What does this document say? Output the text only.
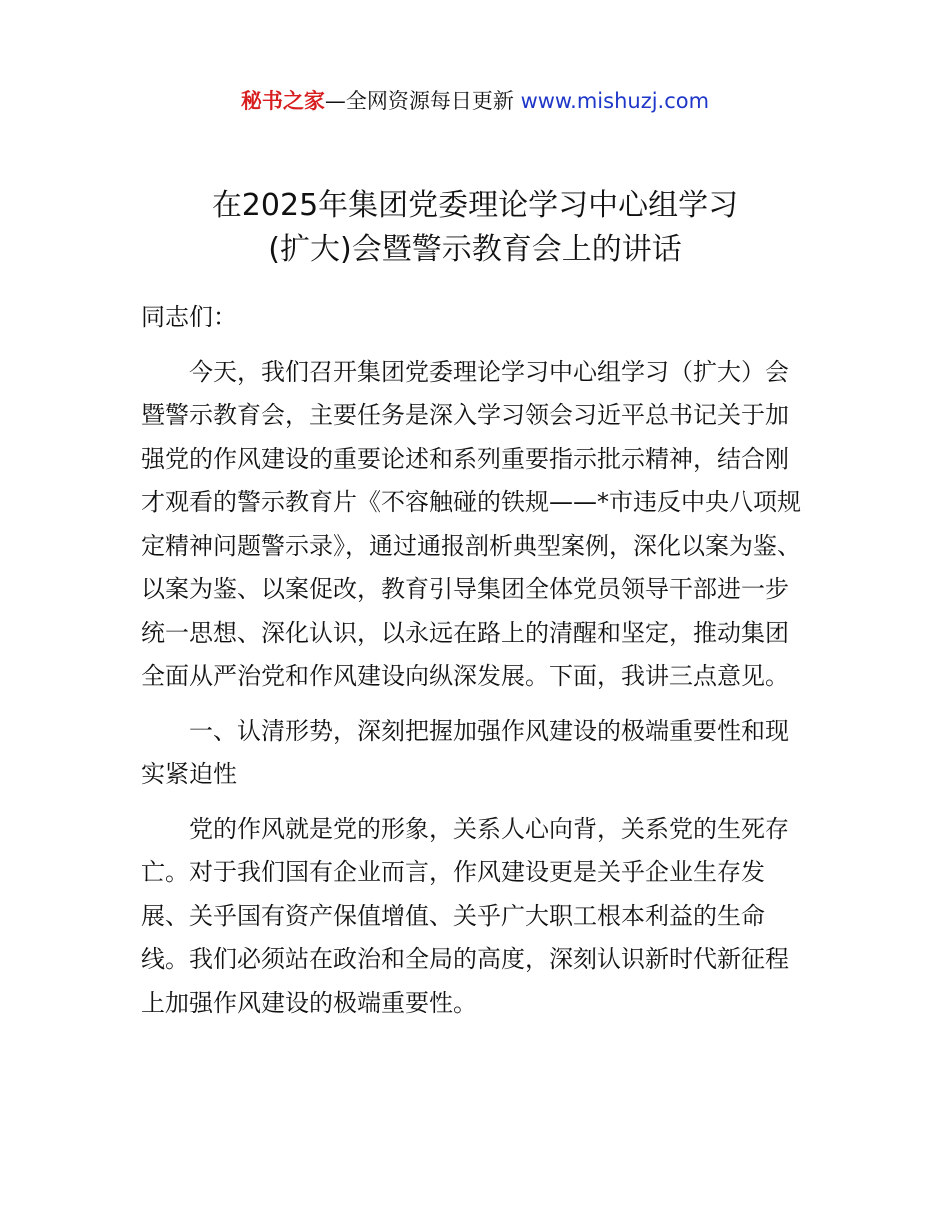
秘书之家—全网资源每日更新 www.mishuzj.com
在2025年集团党委理论学习中心组学习
(扩大)会暨警示教育会上的讲话

同志们：

今天，我们召开集团党委理论学习中心组学习（扩大）会暨警示教育会，主要任务是深入学习领会习近平总书记关于加强党的作风建设的重要论述和系列重要指示批示精神，结合刚才观看的警示教育片《不容触碰的铁规——*市违反中央八项规定精神问题警示录》，通过通报剖析典型案例，深化以案为鉴、以案为鉴、以案促改，教育引导集团全体党员领导干部进一步统一思想、深化认识，以永远在路上的清醒和坚定，推动集团全面从严治党和作风建设向纵深发展。下面，我讲三点意见。

一、认清形势，深刻把握加强作风建设的极端重要性和现实紧迫性

党的作风就是党的形象，关系人心向背，关系党的生死存亡。对于我们国有企业而言，作风建设更是关乎企业生存发展、关乎国有资产保值增值、关乎广大职工根本利益的生命线。我们必须站在政治和全局的高度，深刻认识新时代新征程上加强作风建设的极端重要性。
